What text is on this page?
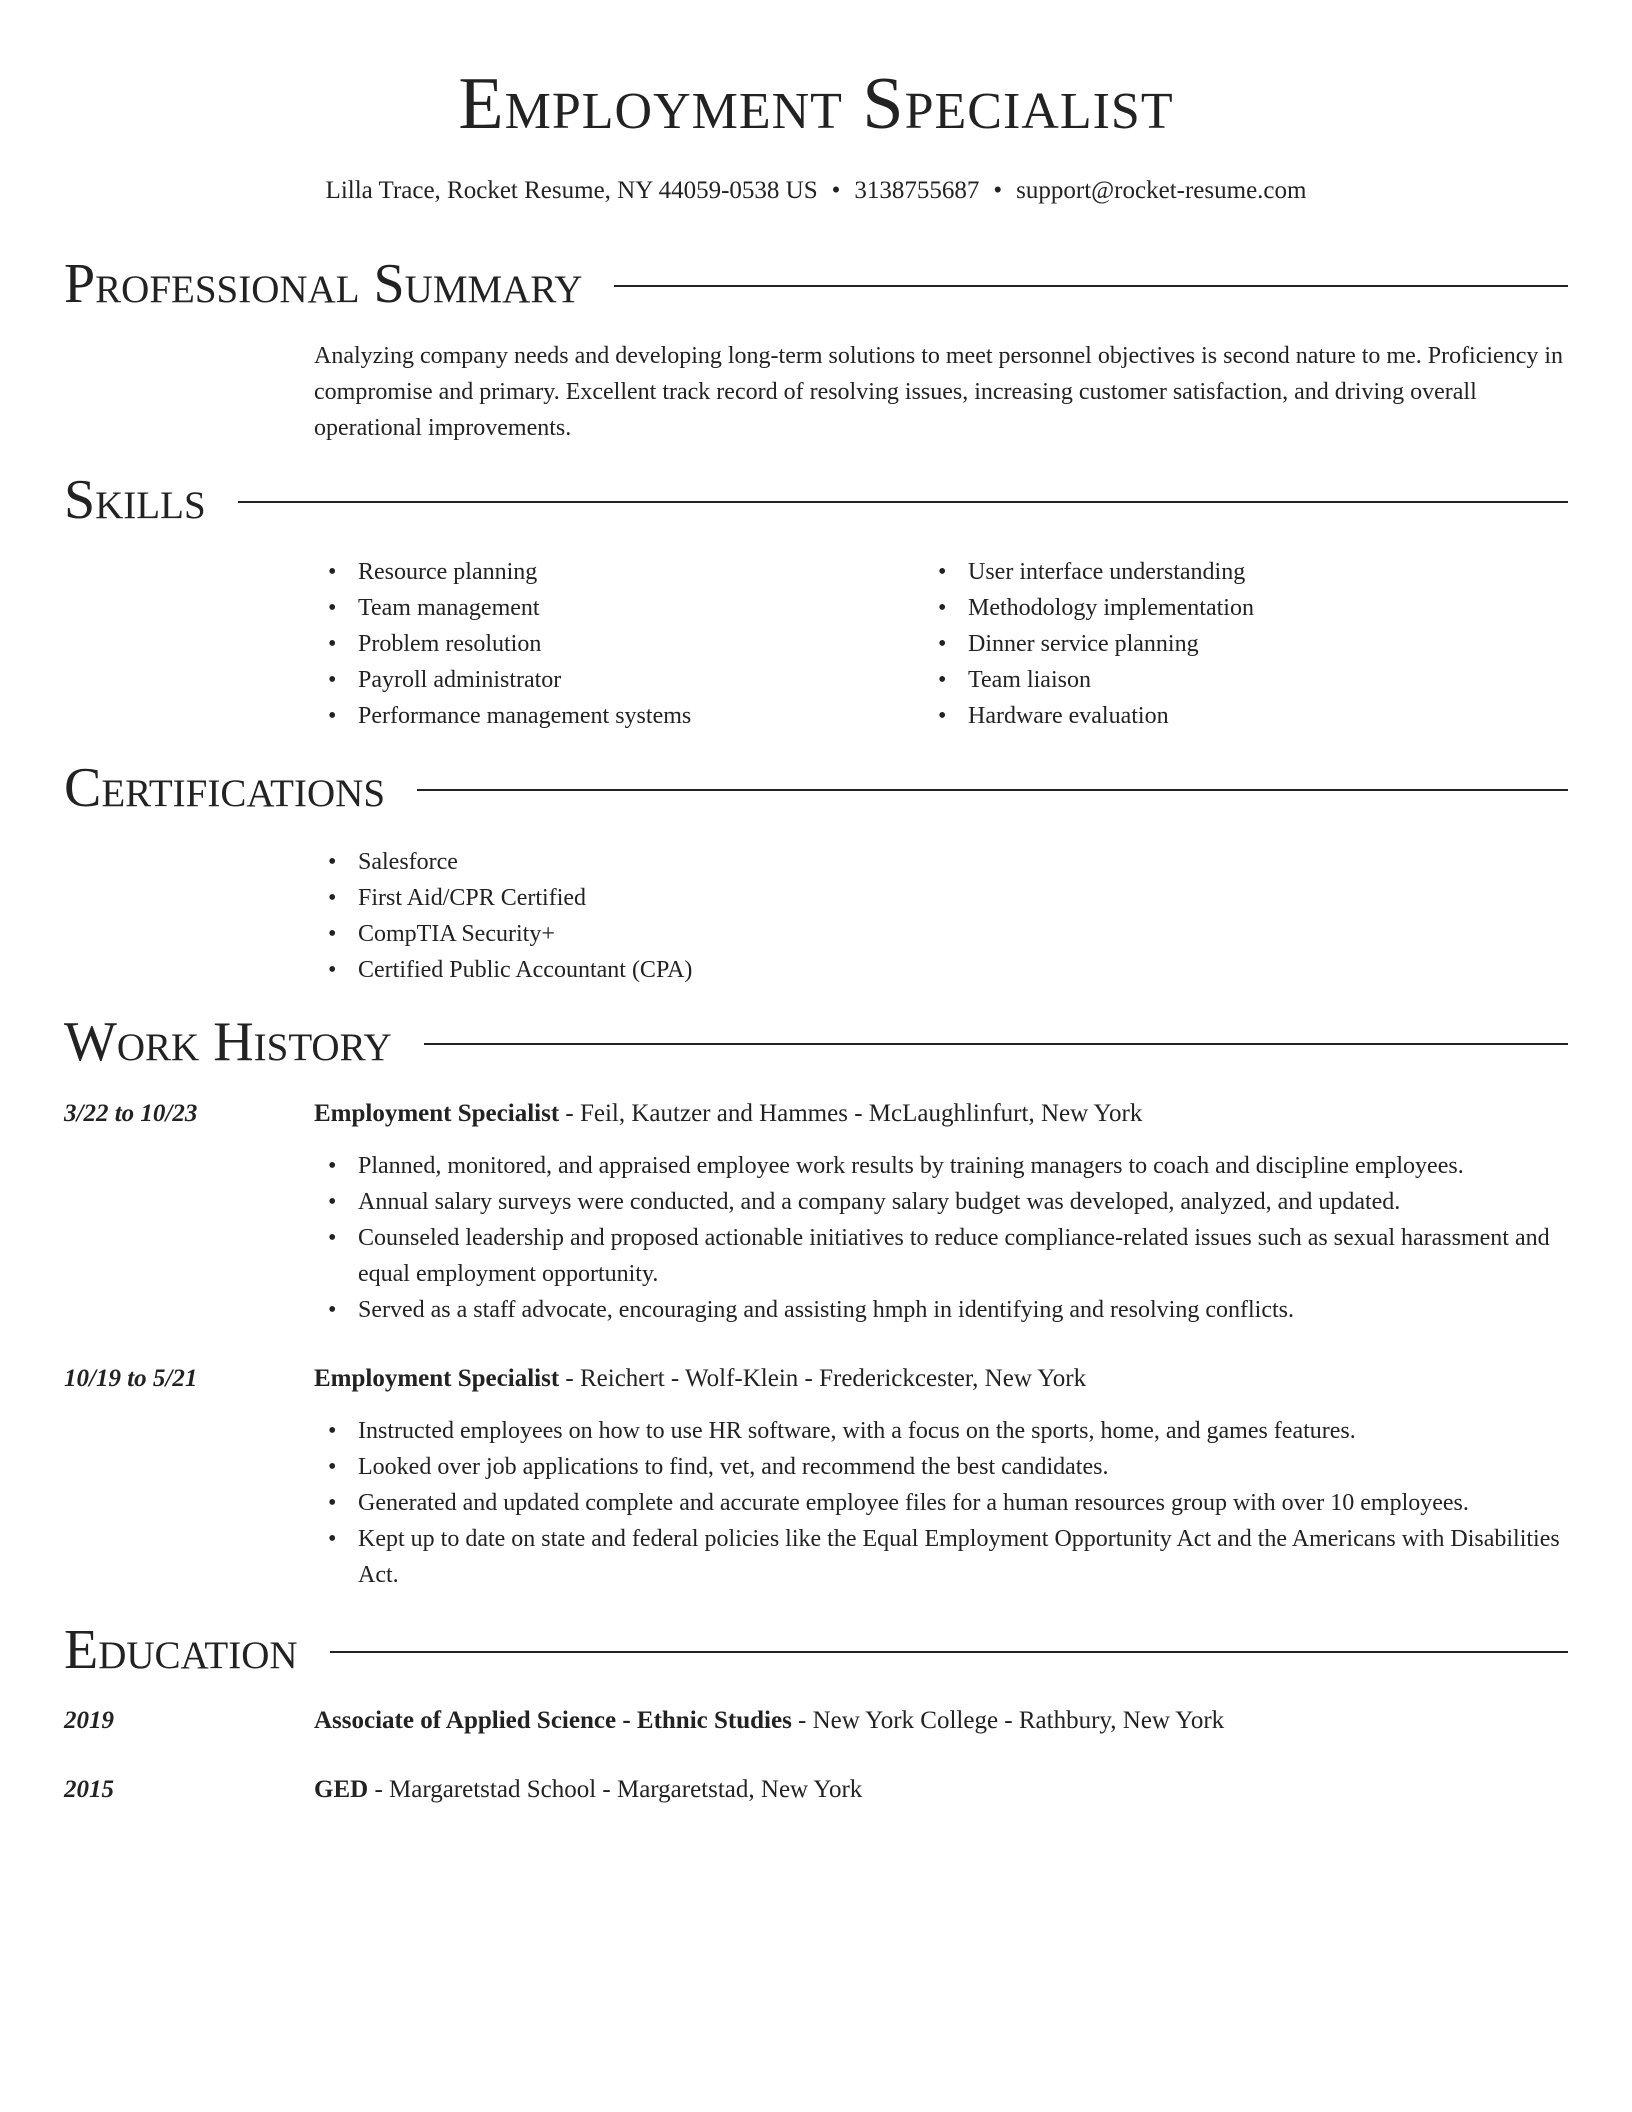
Employment Specialist
Lilla Trace, Rocket Resume, NY 44059-0538 US • 3138755687 • support@rocket-resume.com
Professional Summary

Analyzing company needs and developing long-term solutions to meet personnel objectives is second nature to me. Proficiency in compromise and primary. Excellent track record of resolving issues, increasing customer satisfaction, and driving overall operational improvements.

Skills
• Resource planning
• Team management
• Problem resolution
• Payroll administrator
• Performance management systems
• User interface understanding
• Methodology implementation
• Dinner service planning
• Team liaison
• Hardware evaluation
Certifications
• Salesforce
• First Aid/CPR Certified
• CompTIA Security+
• Certified Public Accountant (CPA)
Work History
3/22 to 10/23	Employment Specialist - Feil, Kautzer and Hammes - McLaughlinfurt, New York
• Planned, monitored, and appraised employee work results by training managers to coach and discipline employees.
• Annual salary surveys were conducted, and a company salary budget was developed, analyzed, and updated.
• Counseled leadership and proposed actionable initiatives to reduce compliance-related issues such as sexual harassment and equal employment opportunity.
• Served as a staff advocate, encouraging and assisting hmph in identifying and resolving conflicts.
10/19 to 5/21	Employment Specialist - Reichert - Wolf-Klein - Frederickcester, New York
• Instructed employees on how to use HR software, with a focus on the sports, home, and games features.
• Looked over job applications to find, vet, and recommend the best candidates.
• Generated and updated complete and accurate employee files for a human resources group with over 10 employees.
• Kept up to date on state and federal policies like the Equal Employment Opportunity Act and the Americans with Disabilities Act.
Education
2019	Associate of Applied Science - Ethnic Studies - New York College - Rathbury, New York
2015	GED - Margaretstad School - Margaretstad, New York
